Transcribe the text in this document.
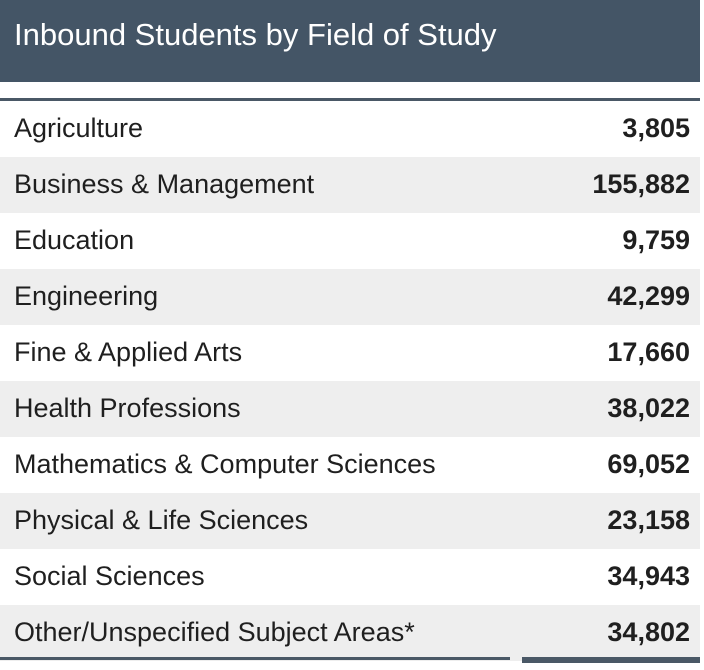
Inbound Students by Field of Study
Agriculture	3,805
Business & Management	155,882
Education	9,759
Engineering	42,299
Fine & Applied Arts	17,660
Health Professions	38,022
Mathematics & Computer Sciences	69,052
Physical & Life Sciences	23,158
Social Sciences	34,943
Other/Unspecified Subject Areas*	34,802
